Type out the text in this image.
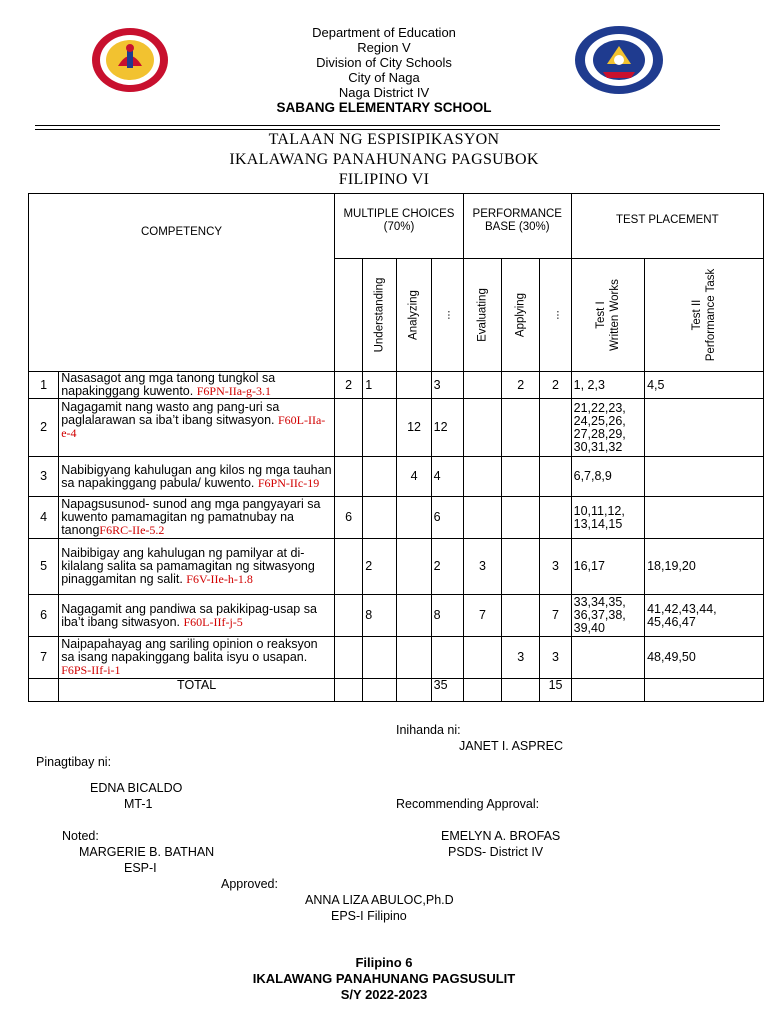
Department of Education
Region V
Division of City Schools
City of Naga
Naga District IV
SABANG ELEMENTARY SCHOOL
TALAAN NG ESPISIPIKASYON
IKALAWANG PANAHUNANG PAGSUBOK
FILIPINO VI
COMPETENCY		MULTIPLE CHOICES (70%)				PERFORMANCE BASE (30%)			TEST PLACEMENT	

			Understanding	Analyzing	...	Evaluating	Applying	...	Test I Written Works	Test II Performance Task

1	Nasasagot ang mga tanong tungkol sa napakinggang kuwento. F6PN-IIa-g-3.1	2	1		3		2	2	1, 2,3	4,5
2	Nagagamit nang wasto ang pang-uri sa paglalarawan sa iba’t ibang sitwasyon. F60L-IIa-e-4			12	12				21,22,23, 24,25,26, 27,28,29, 30,31,32	
3	Nabibigyang kahulugan ang kilos ng mga tauhan sa napakinggang pabula/ kuwento. F6PN-IIc-19			4	4				6,7,8,9	
4	Napagsusunod- sunod ang mga pangyayari sa kuwento pamamagitan ng pamatnubay na tanongF6RC-IIe-5.2	6			6				10,11,12, 13,14,15	
5	Naibibigay ang kahulugan ng pamilyar at di-kilalang salita sa pamamagitan ng sitwasyong pinaggamitan ng salit. F6V-IIe-h-1.8		2		2	3		3	16,17	18,19,20
6	Nagagamit ang pandiwa sa pakikipag-usap sa iba’t ibang sitwasyon. F60L-IIf-j-5		8		8	7		7	33,34,35, 36,37,38, 39,40	41,42,43,44, 45,46,47
7	Naipapahayag ang sariling opinion o reaksyon sa isang napakinggang balita isyu o usapan. F6PS-IIf-i-1						3	3		48,49,50
	TOTAL				35			15		
Inihanda ni:
JANET I. ASPREC
Pinagtibay ni:
EDNA BICALDO
MT-1	Recommending Approval:
Noted:	EMELYN A. BROFAS
MARGERIE B. BATHAN	PSDS- District IV
ESP-I
Approved:
ANNA LIZA ABULOC,Ph.D
EPS-I Filipino
Filipino 6
IKALAWANG PANAHUNANG PAGSUSULIT
S/Y 2022-2023
